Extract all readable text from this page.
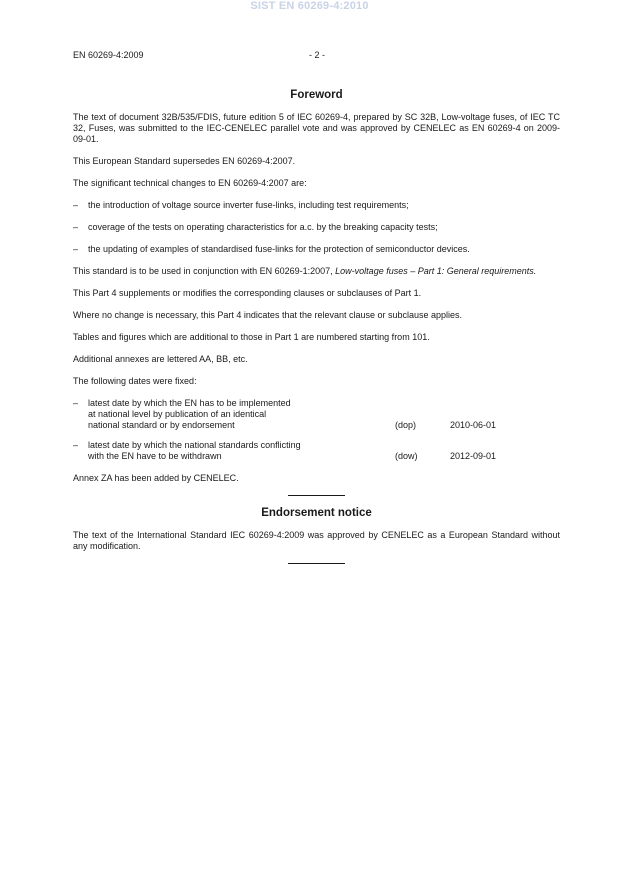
SIST EN 60269-4:2010
EN 60269-4:2009	- 2 -
Foreword

The text of document 32B/535/FDIS, future edition 5 of IEC 60269-4, prepared by SC 32B, Low-voltage fuses, of IEC TC 32, Fuses, was submitted to the IEC-CENELEC parallel vote and was approved by CENELEC as EN 60269-4 on 2009-09-01.

This European Standard supersedes EN 60269-4:2007.

The significant technical changes to EN 60269-4:2007 are:

–	the introduction of voltage source inverter fuse-links, including test requirements;
–	coverage of the tests on operating characteristics for a.c. by the breaking capacity tests;
–	the updating of examples of standardised fuse-links for the protection of semiconductor devices.

This standard is to be used in conjunction with EN 60269-1:2007, Low-voltage fuses – Part 1: General requirements.

This Part 4 supplements or modifies the corresponding clauses or subclauses of Part 1.

Where no change is necessary, this Part 4 indicates that the relevant clause or subclause applies.

Tables and figures which are additional to those in Part 1 are numbered starting from 101.

Additional annexes are lettered AA, BB, etc.

The following dates were fixed:

–	latest date by which the EN has to be implemented
at national level by publication of an identical
national standard or by endorsement	(dop)	2010-06-01
–	latest date by which the national standards conflicting
with the EN have to be withdrawn	(dow)	2012-09-01

Annex ZA has been added by CENELEC.

Endorsement notice

The text of the International Standard IEC 60269-4:2009 was approved by CENELEC as a European Standard without any modification.
